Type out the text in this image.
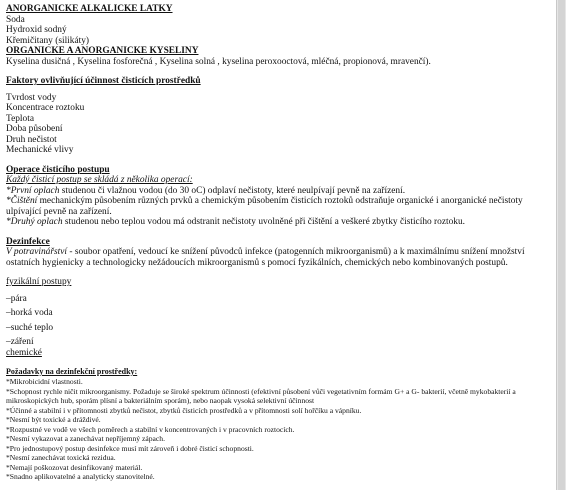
ANORGANICKE ALKALICKE LATKY
Soda
Hydroxid sodný
Křemičitany (silikáty)
ORGANICKE A ANORGANICKE KYSELINY
Kyselina dusičná , Kyselina fosforečná , Kyselina solná , kyselina peroxooctová, mléčná, propionová, mravenčí).
Faktory ovlivňující účinnost čisticích prostředků
Tvrdost vody
Koncentrace roztoku
Teplota
Doba působení
Druh nečistot
Mechanické vlivy
Operace čisticího postupu
Každý čisticí postup se skládá z několika operací:
*První oplach studenou či vlažnou vodou (do 30 oC) odplaví nečistoty, které neulpívají pevně na zařízení.
*Čištění mechanickým působením různých prvků a chemickým působením čisticích roztoků odstraňuje organické i anorganické nečistoty ulpívající pevně na zařízení.
*Druhý oplach studenou nebo teplou vodou má odstranit nečistoty uvolněné při čištění a veškeré zbytky čisticího roztoku.
Dezinfekce
V potravinářství - soubor opatření, vedoucí ke snížení původců infekce (patogenních mikroorganismů) a k maximálnímu snížení množství ostatních hygienicky a technologicky nežádoucích mikroorganismů s pomocí fyzikálních, chemických nebo kombinovaných postupů.
fyzikální postupy
–pára
–horká voda
–suché teplo
–záření
chemické
Požadavky na dezinfekční prostředky:
*Mikrobicidní vlastnosti.
*Schopnost rychle ničit mikroorganismy. Požaduje se široké spektrum účinnosti (efektivní působení vůči vegetativním formám G+ a G- bakterií, včetně mykobakterií a mikroskopických hub, sporám plísní a bakteriálním sporám), nebo naopak vysoká selektivní účinnost
*Účinné a stabilní i v přítomnosti zbytků nečistot, zbytků čisticích prostředků a v přítomnosti solí hořčíku a vápníku.
*Nesmí být toxické a dráždivé.
*Rozpustné ve vodě ve všech poměrech a stabilní v koncentrovaných i v pracovních roztocích.
*Nesmí vykazovat a zanechávat nepříjemný zápach.
*Pro jednostupový postup desinfekce musí mít zároveň i dobré čisticí schopnosti.
*Nesmí zanechávat toxická rezidua.
*Nemají poškozovat desinfikovaný materiál.
*Snadno aplikovatelné a analyticky stanovitelné.
